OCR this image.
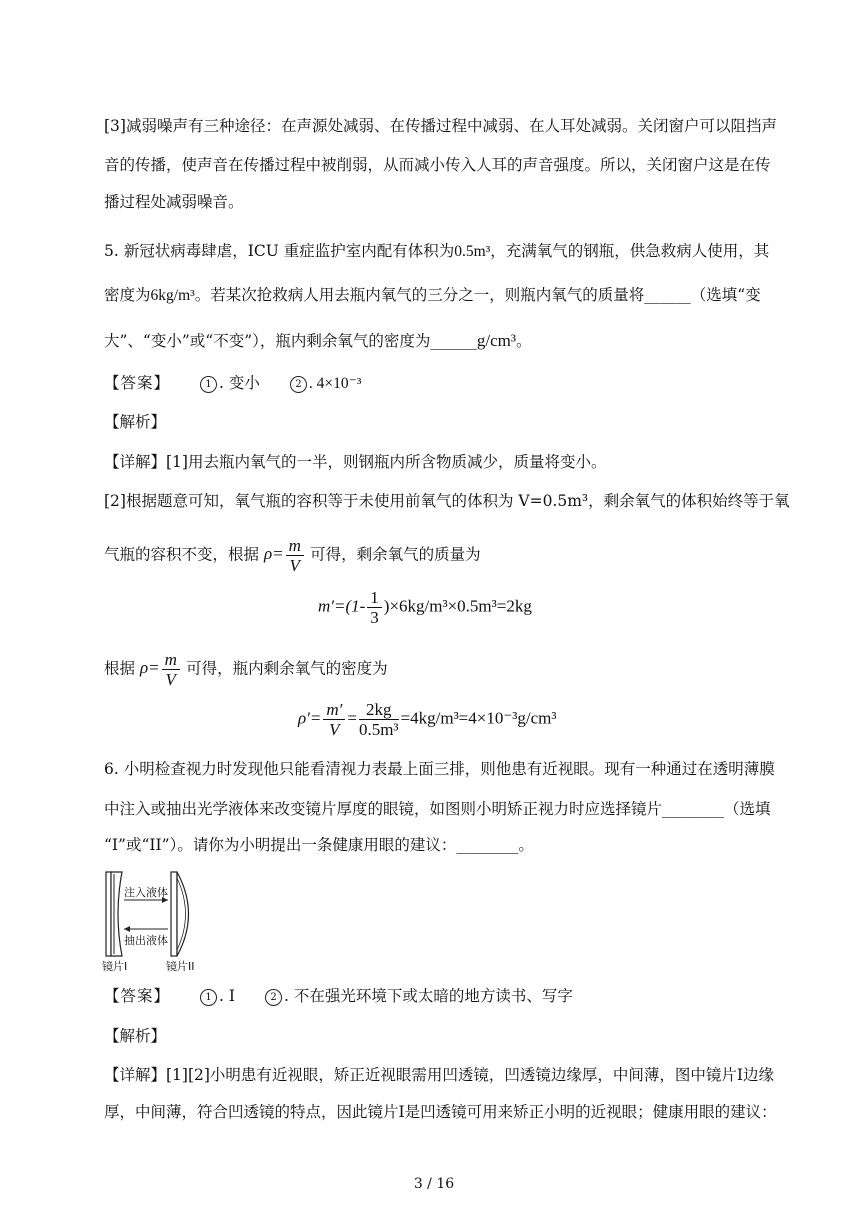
[3]减弱噪声有三种途径：在声源处减弱、在传播过程中减弱、在人耳处减弱。关闭窗户可以阻挡声
音的传播，使声音在传播过程中被削弱，从而减小传入人耳的声音强度。所以，关闭窗户这是在传
播过程处减弱噪音。
5. 新冠状病毒肆虐，ICU 重症监护室内配有体积为0.5m³，充满氧气的钢瓶，供急救病人使用，其
密度为6kg/m³。若某次抢救病人用去瓶内氧气的三分之一，则瓶内氧气的质量将______（选填“变
大”、“变小”或“不变”），瓶内剩余氧气的密度为______g/cm³。
【答案】	1 . 变小	2 . 4×10⁻³
【解析】
【详解】[1]用去瓶内氧气的一半，则钢瓶内所含物质减少，质量将变小。
[2]根据题意可知，氧气瓶的容积等于未使用前氧气的体积为 V=0.5m³，剩余氧气的体积始终等于氧
气瓶的容积不变，根据 $\rho= \frac{m}{V}$ 可得，剩余氧气的质量为
$m'=(1- \frac{1}{3} )\times 6kg/m^3\times 0.5m^3=2kg$
根据 $\rho= \frac{m}{V}$ 可得，瓶内剩余氧气的密度为
$\rho'= \frac{m'}{V} = \frac{2kg}{\text{0.5m³}} =4kg/m^3=4\times 10^{-3}g/cm^3$
6. 小明检查视力时发现他只能看清视力表最上面三排，则他患有近视眼。现有一种通过在透明薄膜
中注入或抽出光学液体来改变镜片厚度的眼镜，如图则小明矫正视力时应选择镜片________（选填
“I”或“II”）。请你为小明提出一条健康用眼的建议：________。
注入液体
抽出液体
镜片I	镜片II
【答案】	1 . I	2 . 不在强光环境下或太暗的地方读书、写字
【解析】
【详解】[1][2]小明患有近视眼，矫正近视眼需用凹透镜，凹透镜边缘厚，中间薄，图中镜片I边缘
厚，中间薄，符合凹透镜的特点，因此镜片I是凹透镜可用来矫正小明的近视眼；健康用眼的建议：
3 / 16
